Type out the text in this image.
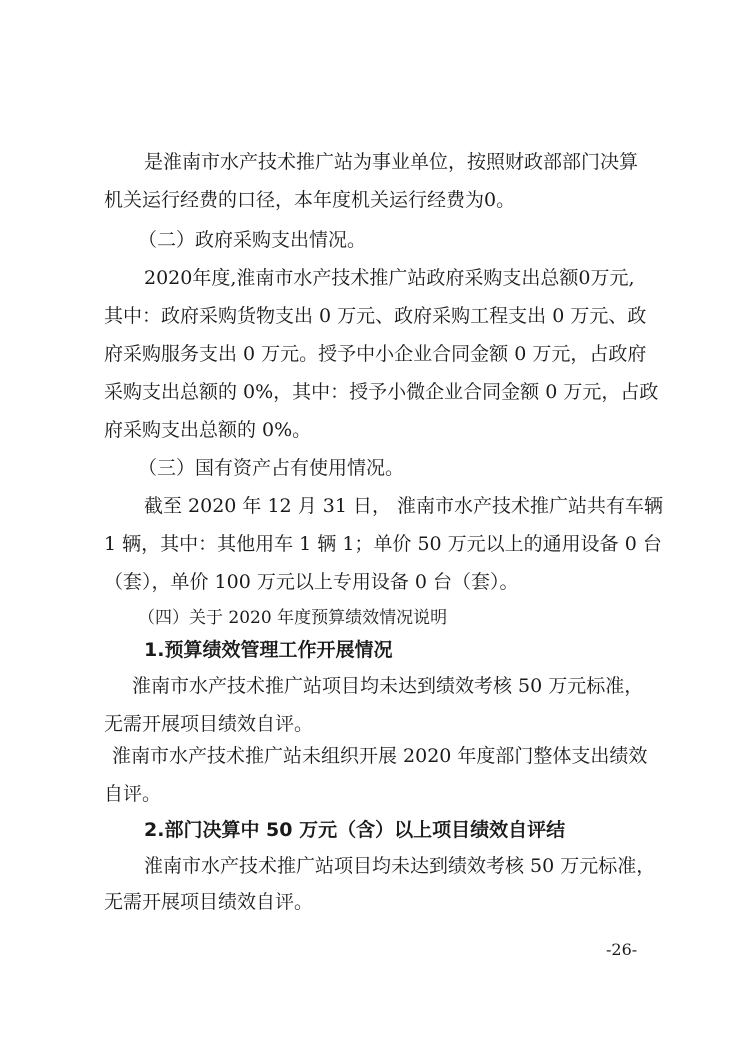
是淮南市水产技术推广站为事业单位，按照财政部部门决算
机关运行经费的口径，本年度机关运行经费为0。
（二）政府采购支出情况。
2020年度,淮南市水产技术推广站政府采购支出总额0万元,
其中：政府采购货物支出 0 万元、政府采购工程支出 0 万元、政
府采购服务支出 0 万元。授予中小企业合同金额 0 万元，占政府
采购支出总额的 0%，其中：授予小微企业合同金额 0 万元，占政
府采购支出总额的 0%。
（三）国有资产占有使用情况。
截至 2020 年 12 月 31 日， 淮南市水产技术推广站共有车辆
1 辆，其中：其他用车 1 辆 1；单价 50 万元以上的通用设备 0 台
（套），单价 100 万元以上专用设备 0 台（套）。
（四）关于 2020 年度预算绩效情况说明
1.预算绩效管理工作开展情况
淮南市水产技术推广站项目均未达到绩效考核 50 万元标准，
无需开展项目绩效自评。
淮南市水产技术推广站未组织开展 2020 年度部门整体支出绩效
自评。
2.部门决算中 50 万元（含）以上项目绩效自评结
淮南市水产技术推广站项目均未达到绩效考核 50 万元标准，
无需开展项目绩效自评。
-26-
